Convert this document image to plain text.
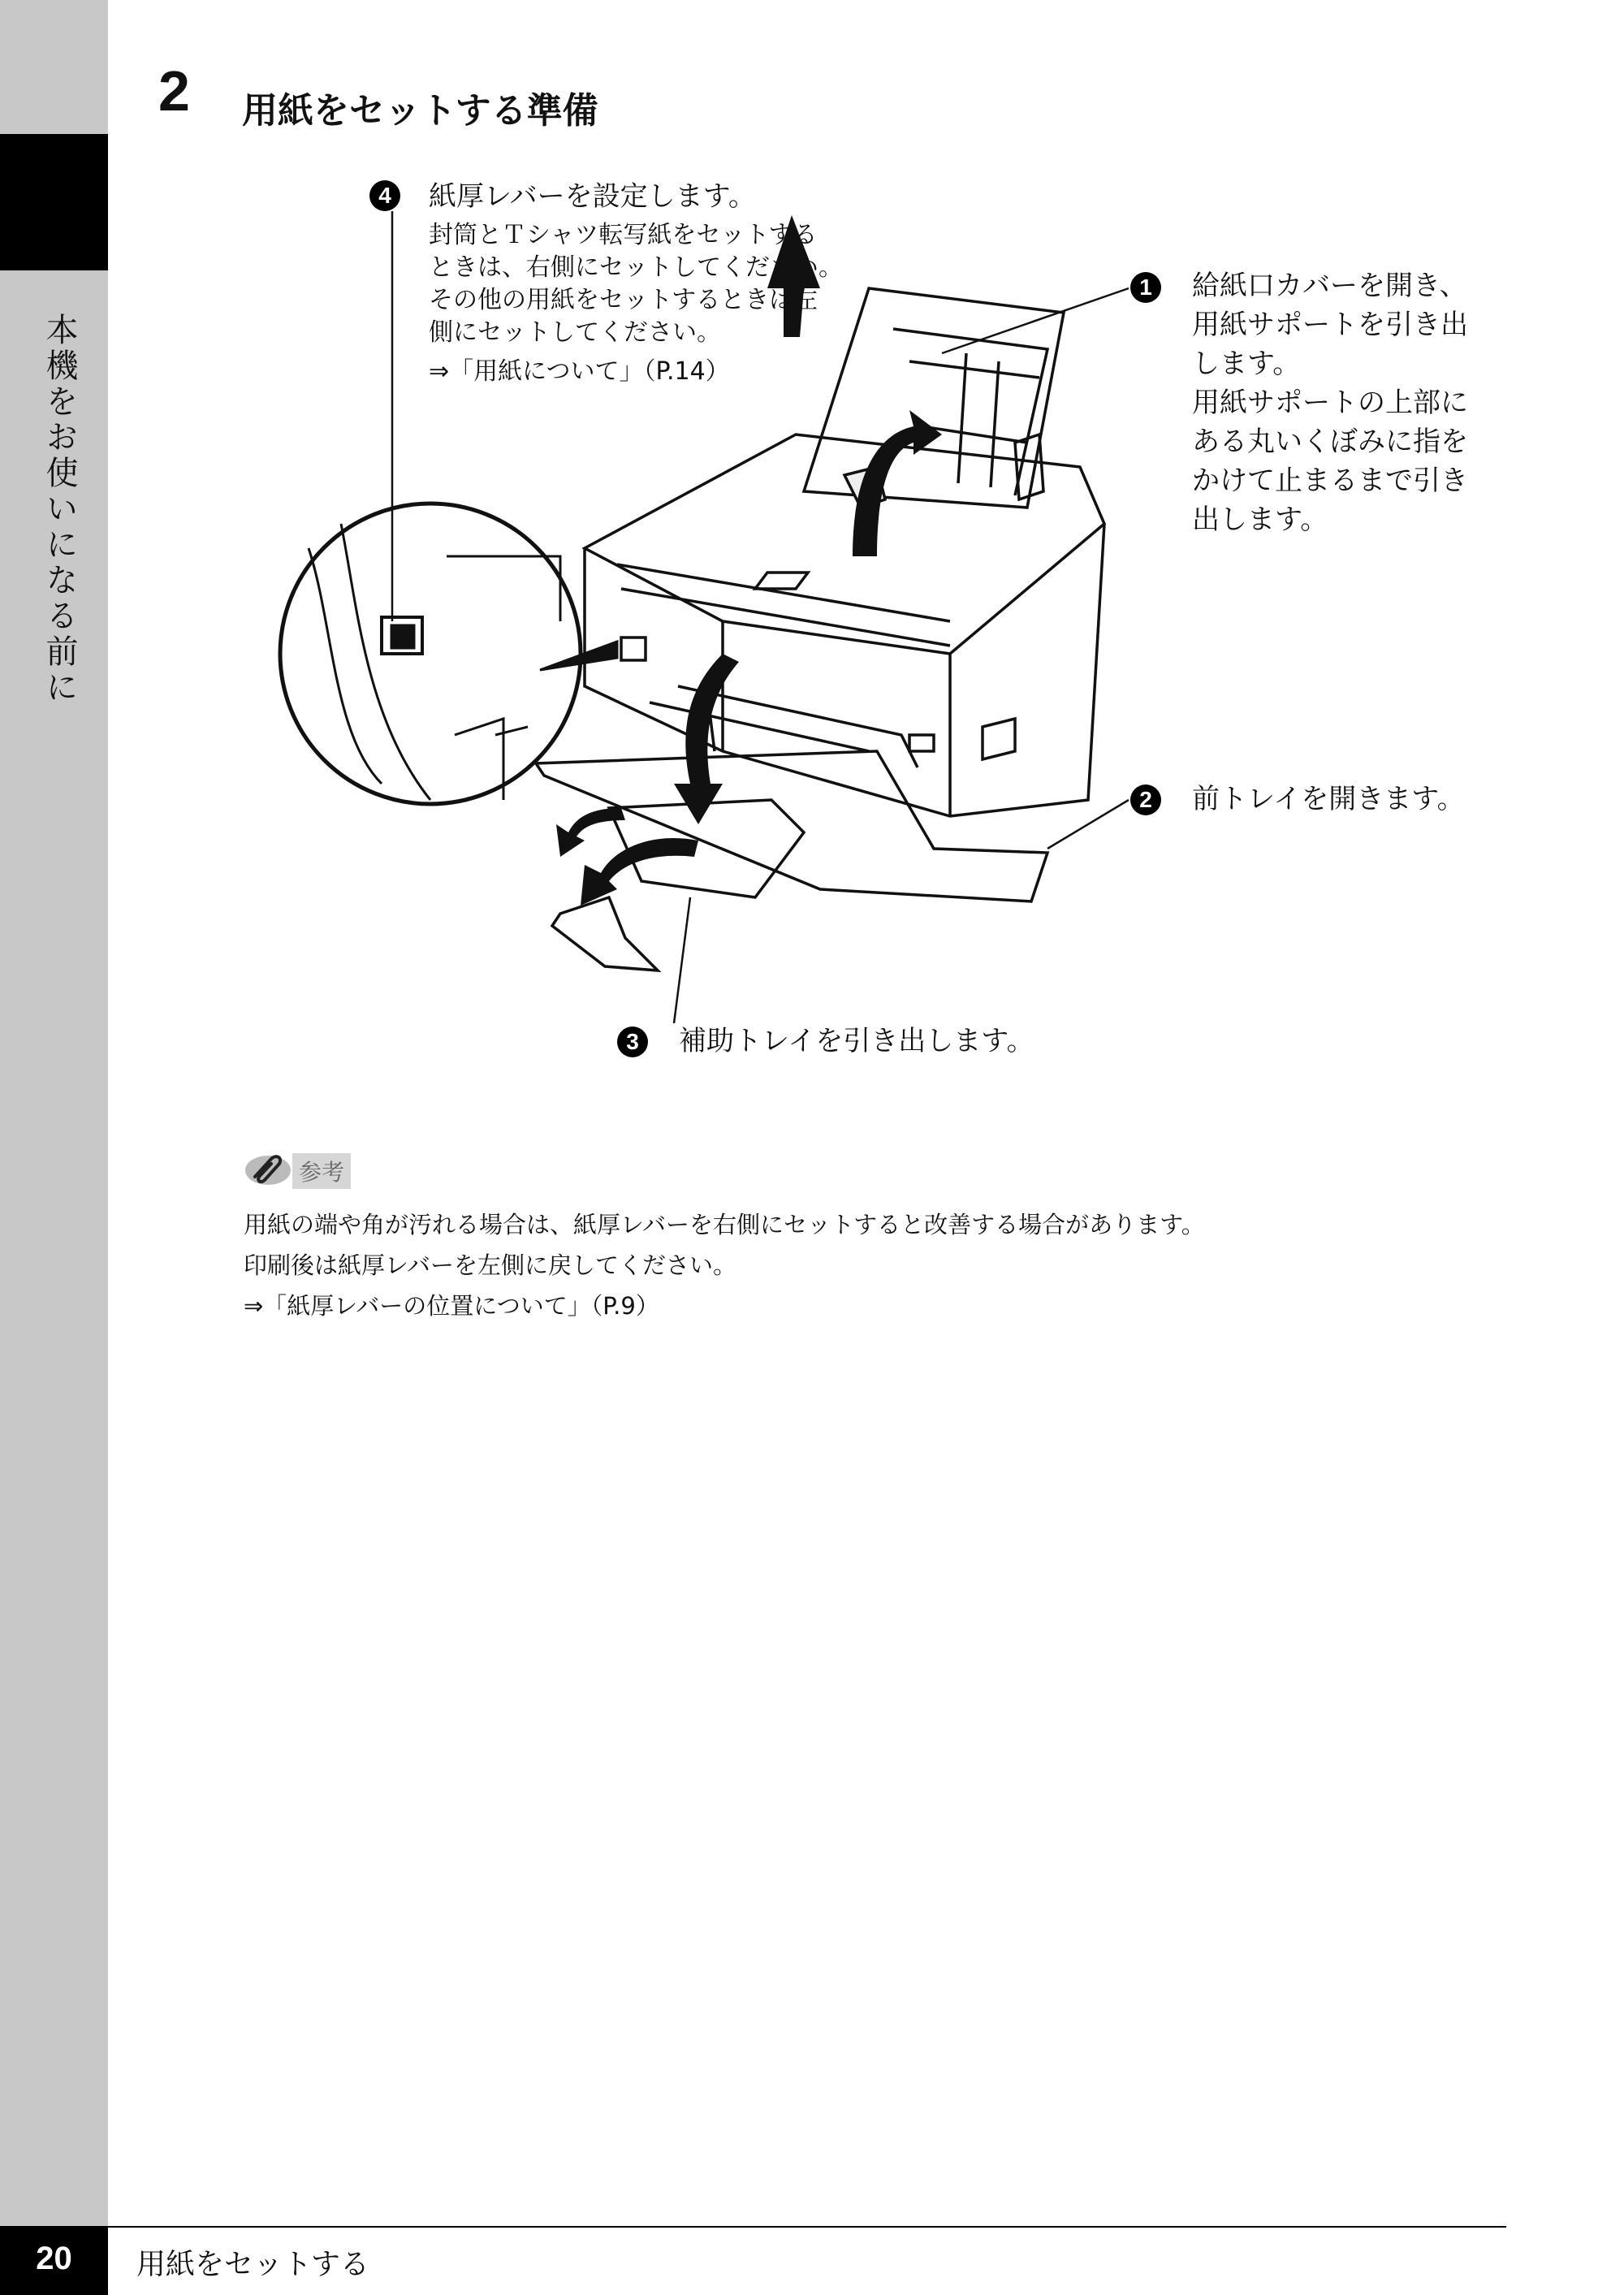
本機をお使いになる前に
2 用紙をセットする準備
4	紙厚レバーを設定します。
封筒とＴシャツ転写紙をセットする
ときは、右側にセットしてください。
その他の用紙をセットするときは左
側にセットしてください。
⇒「用紙について」（P.14）
1	給紙口カバーを開き、
用紙サポートを引き出
します。
用紙サポートの上部に
ある丸いくぼみに指を
かけて止まるまで引き
出します。
2	前トレイを開きます。
3	補助トレイを引き出します。
参考
用紙の端や角が汚れる場合は、紙厚レバーを右側にセットすると改善する場合があります。
印刷後は紙厚レバーを左側に戻してください。
⇒「紙厚レバーの位置について」（P.9）
20	用紙をセットする
